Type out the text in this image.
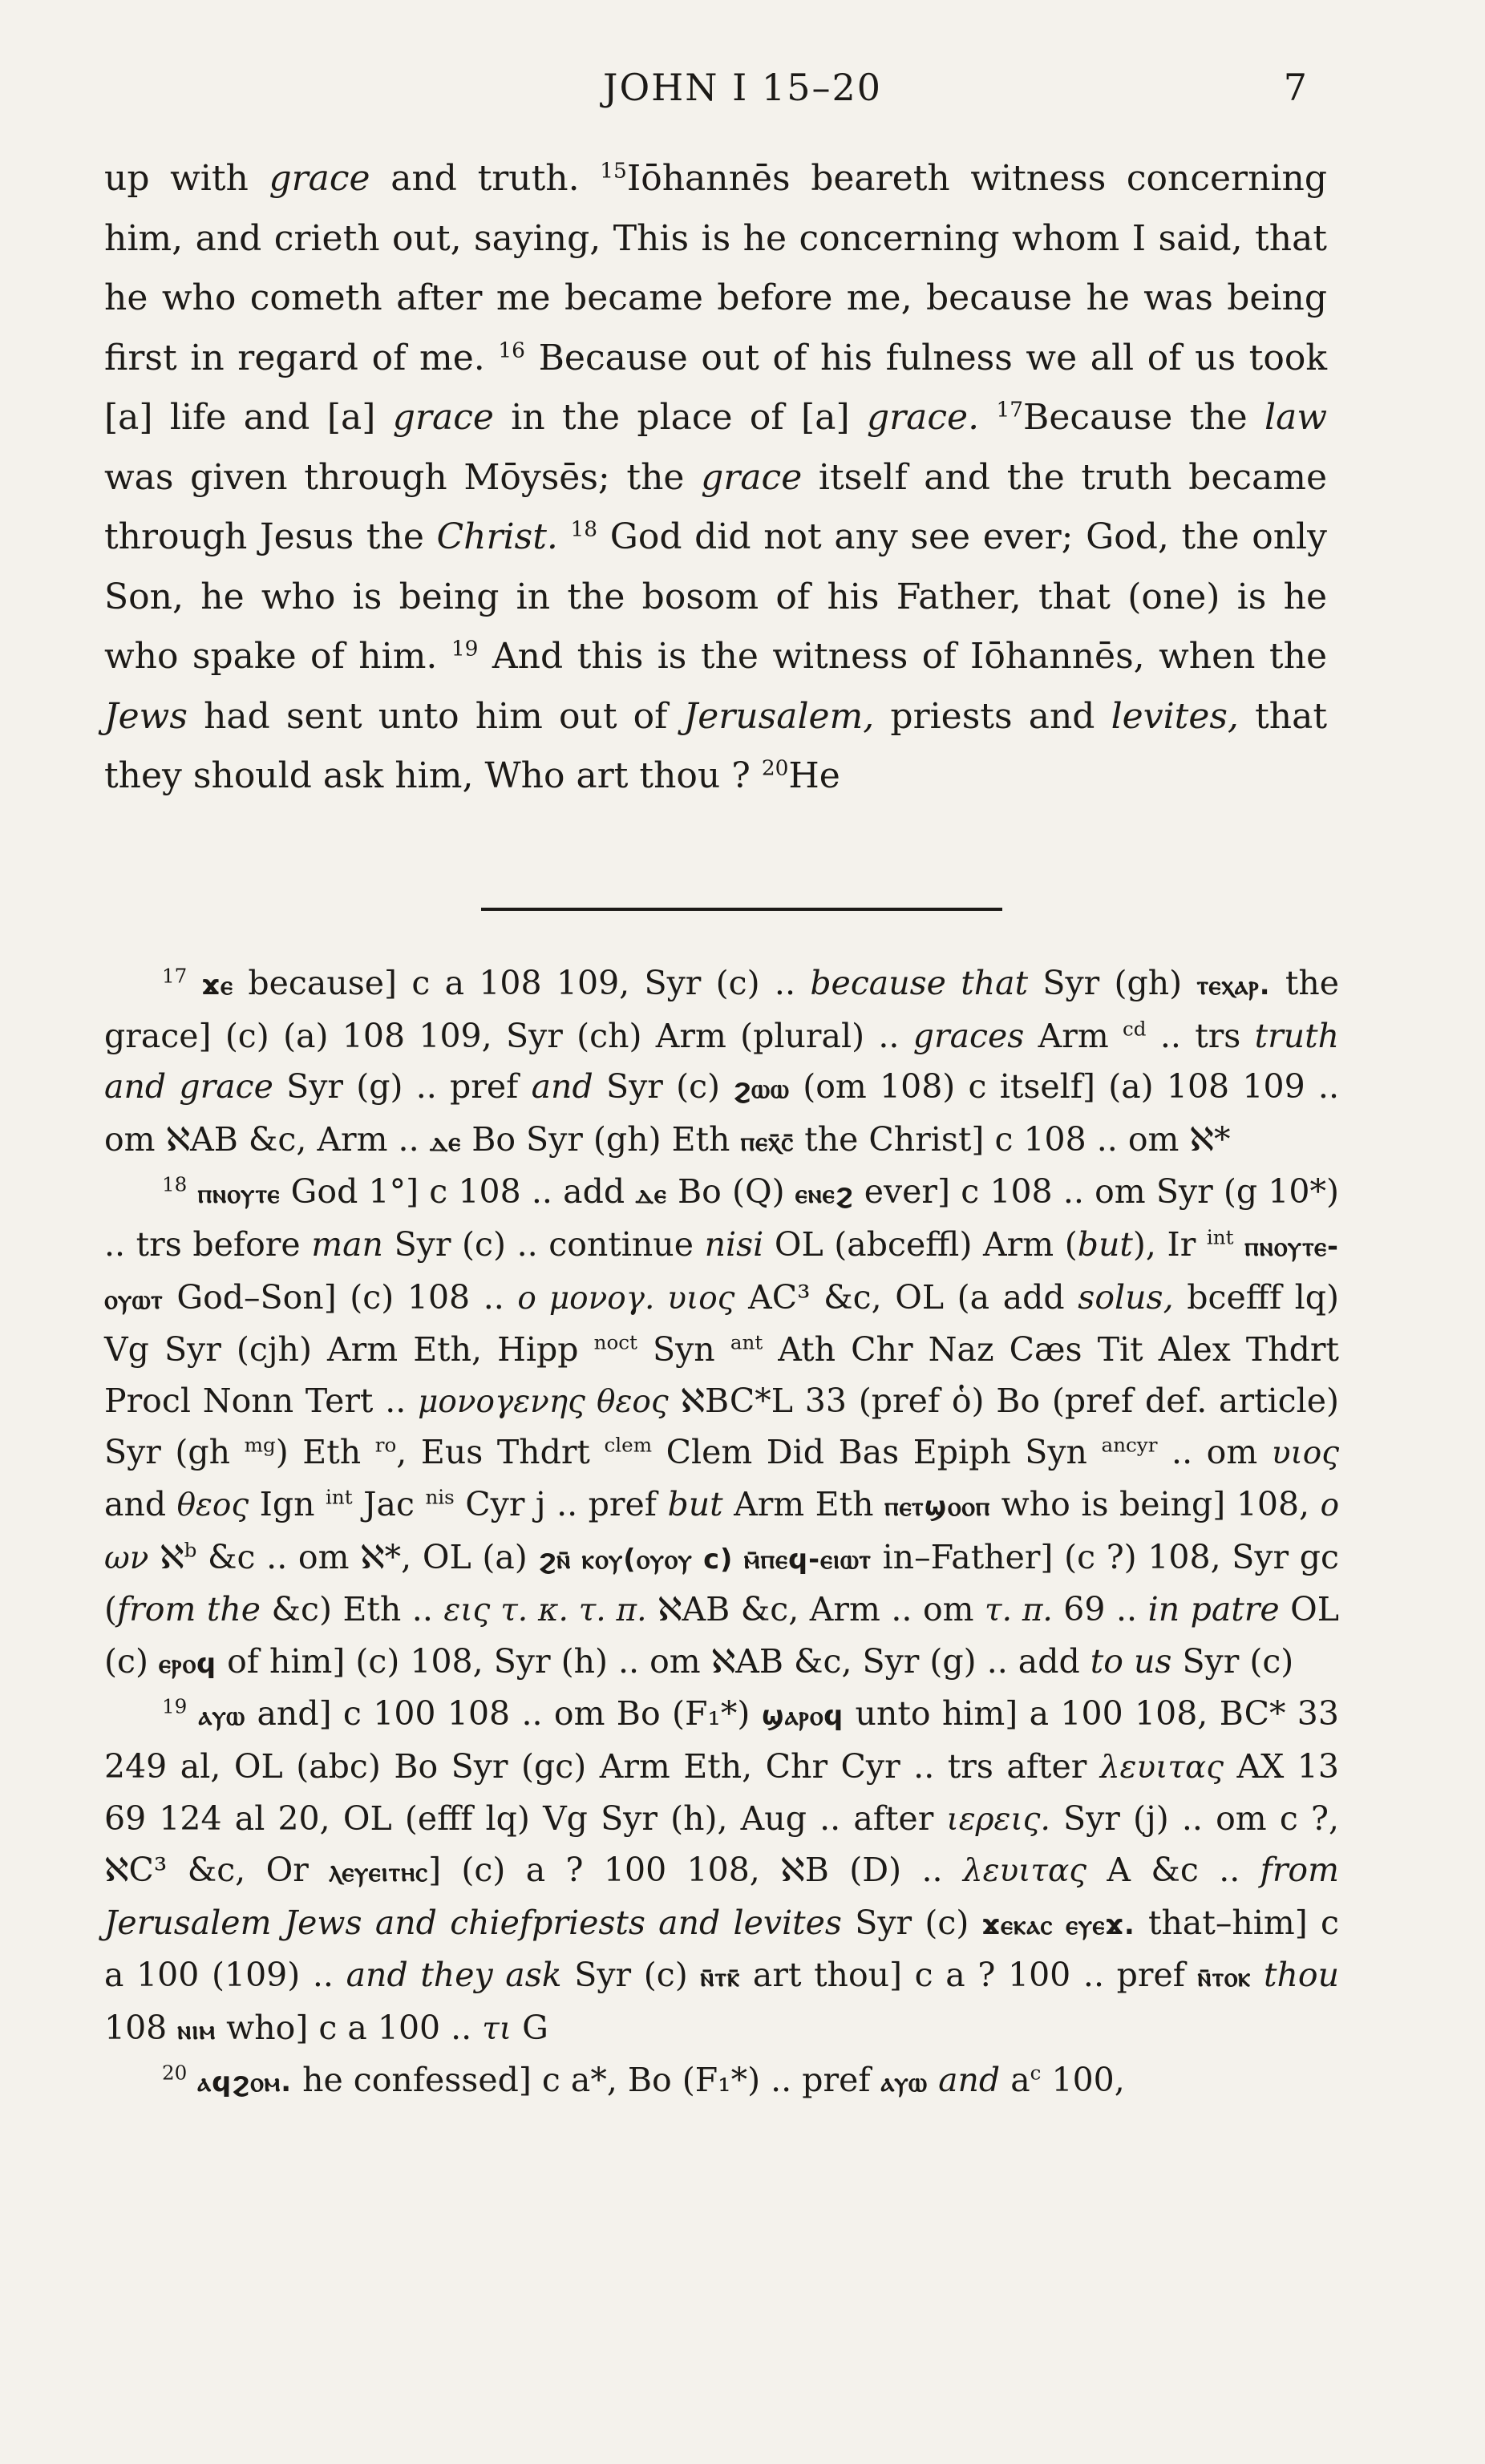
JOHN I 15–20	7
up with grace and truth. $^{15}$Iōhannēs beareth witness concerning him, and crieth out, saying, This is he concerning whom I said, that he who cometh after me became before me, because he was being first in regard of me. $^{16}$ Because out of his fulness we all of us took [a] life and [a] grace in the place of [a] grace. $^{17}$Because the law was given through Mōysēs; the grace itself and the truth became through Jesus the Christ. $^{18}$ God did not any see ever; God, the only Son, he who is being in the bosom of his Father, that (one) is he who spake of him. $^{19}$ And this is the witness of Iōhannēs, when the Jews had sent unto him out of Jerusalem, priests and levites, that they should ask him, Who art thou ? $^{20}$He

$^{17}$ ϫⲉ because] c a 108 109, Syr (c) .. because that Syr (gh) ⲧⲉⲭⲁⲣ. the grace] (c) (a) 108 109, Syr (ch) Arm (plural) .. graces Arm $^{cd}$ .. trs truth and grace Syr (g) .. pref and Syr (c) ϩⲱⲱ (om 108) c itself] (a) 108 109 .. om ℵAB &c, Arm .. ⲇⲉ Bo Syr (gh) Eth ⲡⲉⲭ̄ⲥ̄ the Christ] c 108 .. om ℵ*

$^{18}$ ⲡⲛⲟⲩⲧⲉ God 1°] c 108 .. add ⲇⲉ Bo (Q) ⲉⲛⲉϩ ever] c 108 .. om Syr (g 10*) .. trs before man Syr (c) .. continue nisi OL (abceffl) Arm (but), Ir $^{int}$ ⲡⲛⲟⲩⲧⲉ-ⲟⲩⲱⲧ God–Son] (c) 108 .. ο μονογ. υιος AC³ &c, OL (a add solus, bcefff lq) Vg Syr (cjh) Arm Eth, Hipp $^{noct}$ Syn $^{ant}$ Ath Chr Naz Cæs Tit Alex Thdrt Procl Nonn Tert .. μονογενης θεος ℵBC*L 33 (pref ὁ) Bo (pref def. article) Syr (gh $^{mg}$) Eth $^{ro}$, Eus Thdrt $^{clem}$ Clem Did Bas Epiph Syn $^{ancyr}$ .. om υιος and θεος Ign $^{int}$ Jac $^{nis}$ Cyr j .. pref but Arm Eth ⲡⲉⲧϣⲟⲟⲡ who is being] 108, ο ων ℵ$^b$ &c .. om ℵ*, OL (a) ϩⲛ̄ ⲕⲟⲩ(ⲟⲩⲟⲩ c) ⲙ̄ⲡⲉϥ-ⲉⲓⲱⲧ in–Father] (c ?) 108, Syr gc (from the &c) Eth .. εις τ. κ. τ. π. ℵAB &c, Arm .. om τ. π. 69 .. in patre OL (c) ⲉⲣⲟϥ of him] (c) 108, Syr (h) .. om ℵAB &c, Syr (g) .. add to us Syr (c)

$^{19}$ ⲁⲩⲱ and] c 100 108 .. om Bo (F₁*) ϣⲁⲣⲟϥ unto him] a 100 108, BC* 33 249 al, OL (abc) Bo Syr (gc) Arm Eth, Chr Cyr .. trs after λευιτας AX 13 69 124 al 20, OL (efff lq) Vg Syr (h), Aug .. after ιερεις. Syr (j) .. om c ?, ℵC³ &c, Or ⲗⲉⲩⲉⲓⲧⲏⲥ] (c) a ? 100 108, ℵB (D) .. λευιτας A &c .. from Jerusalem Jews and chiefpriests and levites Syr (c) ϫⲉⲕⲁⲥ ⲉⲩⲉϫ. that–him] c a 100 (109) .. and they ask Syr (c) ⲛ̄ⲧⲕ̄ art thou] c a ? 100 .. pref ⲛ̄ⲧⲟⲕ thou 108 ⲛⲓⲙ who] c a 100 .. τι G

$^{20}$ ⲁϥϩⲟⲙ. he confessed] c a*, Bo (F₁*) .. pref ⲁⲩⲱ and $a^c$ 100,
